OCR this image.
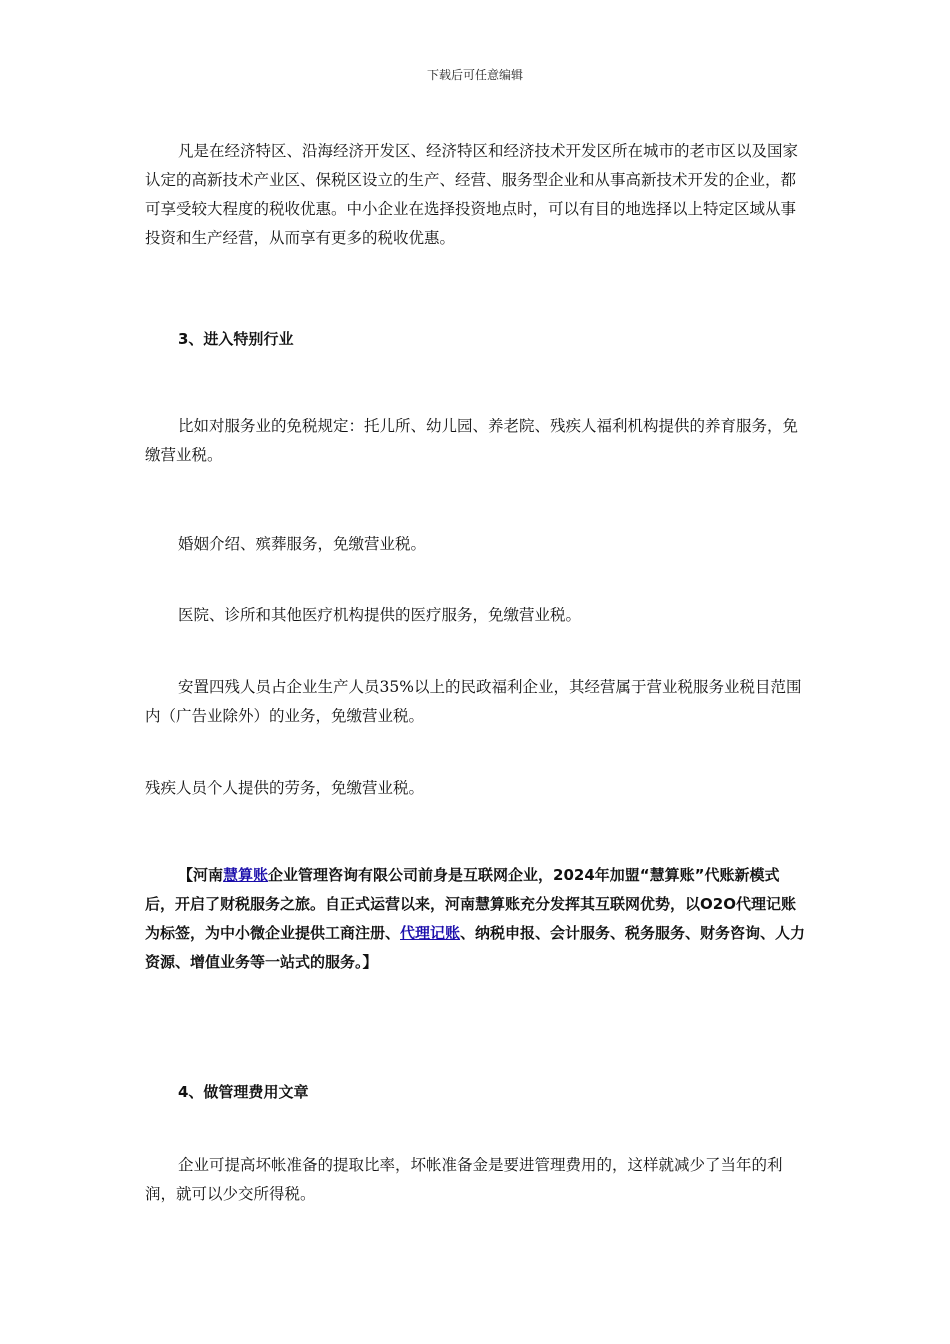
下载后可任意编辑

凡是在经济特区、沿海经济开发区、经济特区和经济技术开发区所在城市的老市区以及国家认定的高新技术产业区、保税区设立的生产、经营、服务型企业和从事高新技术开发的企业，都可享受较大程度的税收优惠。中小企业在选择投资地点时，可以有目的地选择以上特定区域从事投资和生产经营，从而享有更多的税收优惠。

3、进入特别行业

比如对服务业的免税规定：托儿所、幼儿园、养老院、残疾人福利机构提供的养育服务，免缴营业税。

婚姻介绍、殡葬服务，免缴营业税。

医院、诊所和其他医疗机构提供的医疗服务，免缴营业税。

安置四残人员占企业生产人员35%以上的民政福利企业，其经营属于营业税服务业税目范围内（广告业除外）的业务，免缴营业税。

残疾人员个人提供的劳务，免缴营业税。

【河南慧算账企业管理咨询有限公司前身是互联网企业，2024年加盟“慧算账”代账新模式后，开启了财税服务之旅。自正式运营以来，河南慧算账充分发挥其互联网优势，以O2O代理记账为标签，为中小微企业提供工商注册、代理记账、纳税申报、会计服务、税务服务、财务咨询、人力资源、增值业务等一站式的服务。】

4、做管理费用文章

企业可提高坏帐准备的提取比率，坏帐准备金是要进管理费用的，这样就减少了当年的利润，就可以少交所得税。
